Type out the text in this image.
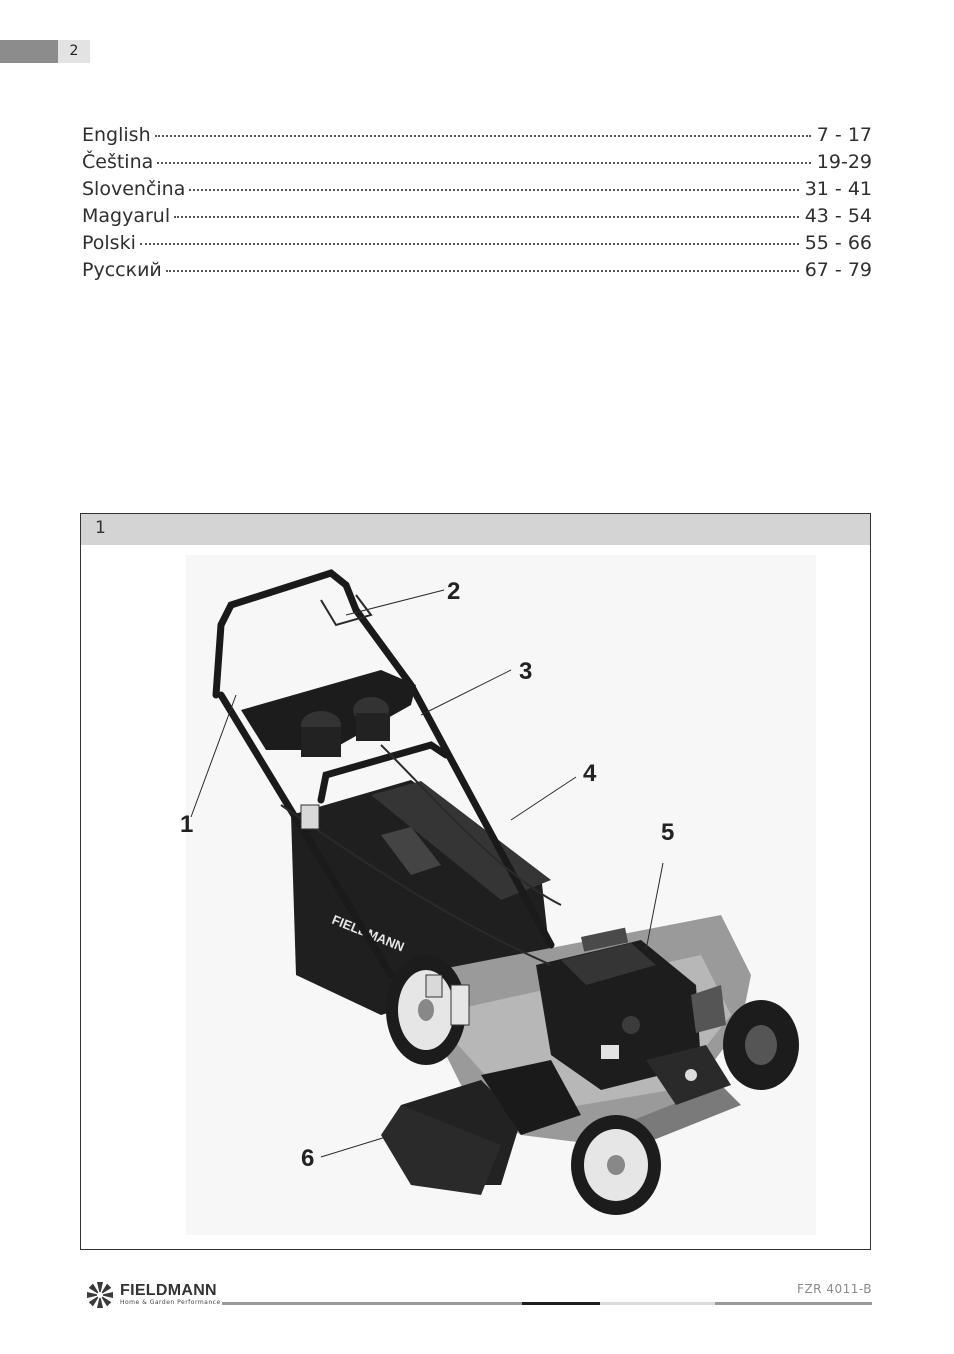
2
English	7 - 17
Čeština	19-29
Slovenčina	31 - 41
Magyarul	43 - 54
Polski	55 - 66
Русский	67 - 79
1
FIELDMANN
1
2
3
4
5
6
FIELDMANN
Home & Garden Performance
FZR 4011-B
